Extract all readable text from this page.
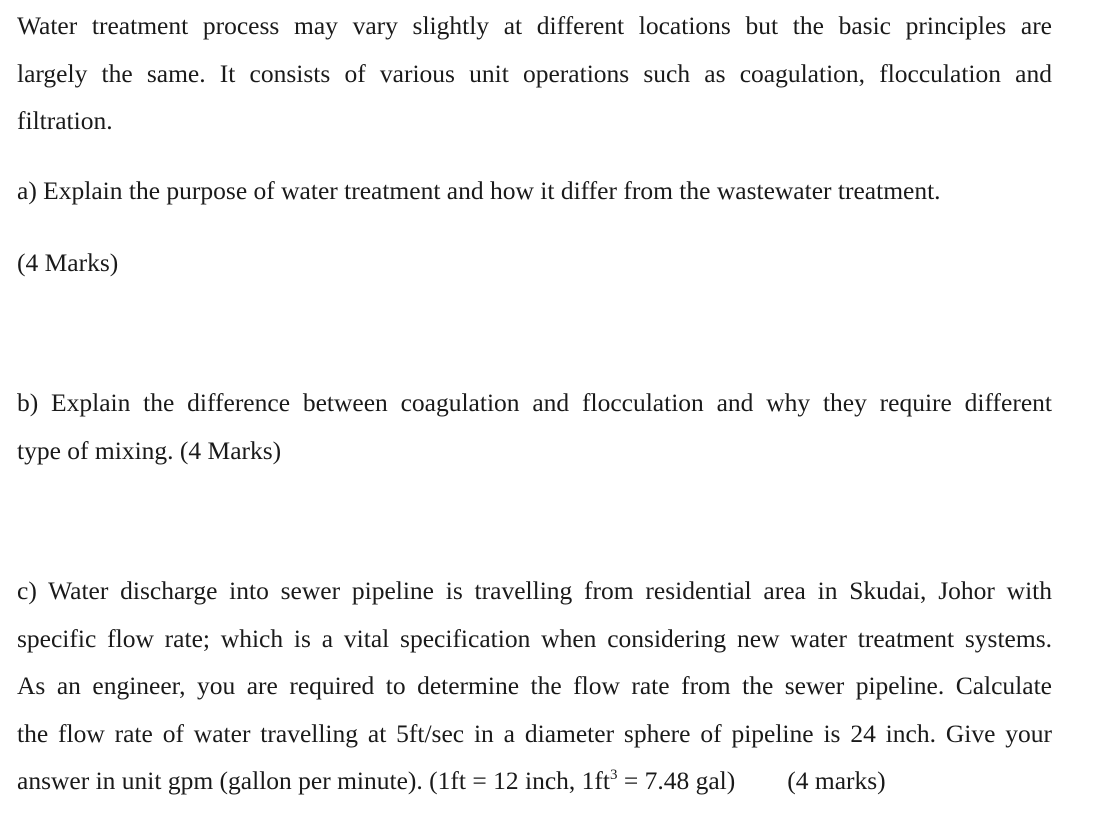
Water treatment process may vary slightly at different locations but the basic principles are
largely the same. It consists of various unit operations such as coagulation, flocculation and
filtration.
a) Explain the purpose of water treatment and how it differ from the wastewater treatment.
(4 Marks)
b) Explain the difference between coagulation and flocculation and why they require different
type of mixing. (4 Marks)
c) Water discharge into sewer pipeline is travelling from residential area in Skudai, Johor with
specific flow rate; which is a vital specification when considering new water treatment systems.
As an engineer, you are required to determine the flow rate from the sewer pipeline. Calculate
the flow rate of water travelling at 5ft/sec in a diameter sphere of pipeline is 24 inch. Give your
answer in unit gpm (gallon per minute). (1ft = 12 inch, $1ft^3 = 7.48$ gal) (4 marks)
